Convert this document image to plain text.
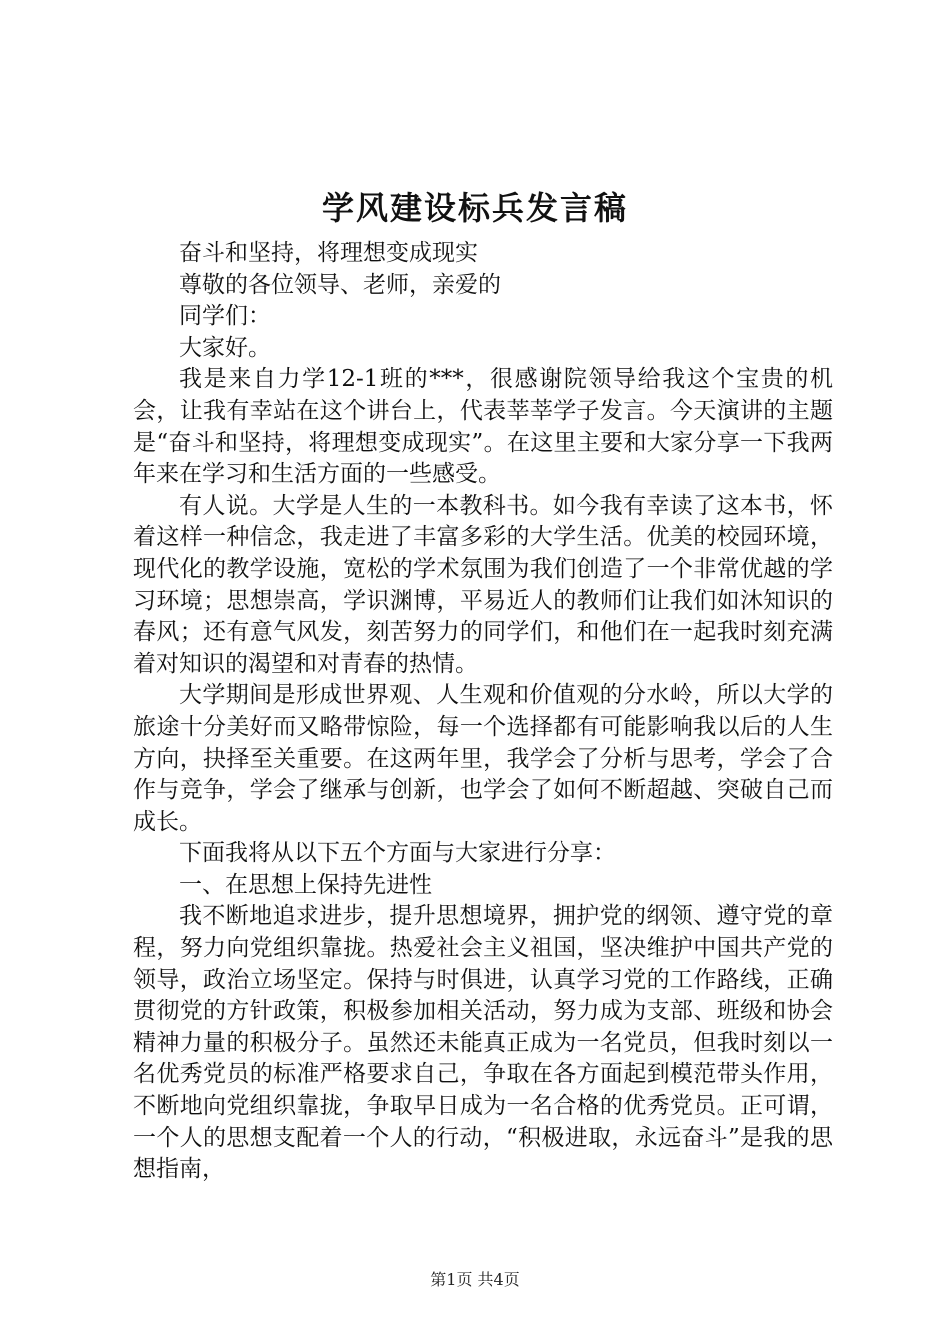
学风建设标兵发言稿

奋斗和坚持，将理想变成现实

尊敬的各位领导、老师，亲爱的

同学们：

大家好。

我是来自力学12-1班的***，很感谢院领导给我这个宝贵的机会，让我有幸站在这个讲台上，代表莘莘学子发言。今天演讲的主题是“奋斗和坚持，将理想变成现实”。在这里主要和大家分享一下我两年来在学习和生活方面的一些感受。

有人说。大学是人生的一本教科书。如今我有幸读了这本书，怀着这样一种信念，我走进了丰富多彩的大学生活。优美的校园环境，现代化的教学设施，宽松的学术氛围为我们创造了一个非常优越的学习环境；思想崇高，学识渊博，平易近人的教师们让我们如沐知识的春风；还有意气风发，刻苦努力的同学们，和他们在一起我时刻充满着对知识的渴望和对青春的热情。

大学期间是形成世界观、人生观和价值观的分水岭，所以大学的旅途十分美好而又略带惊险，每一个选择都有可能影响我以后的人生方向，抉择至关重要。在这两年里，我学会了分析与思考，学会了合作与竞争，学会了继承与创新，也学会了如何不断超越、突破自己而成长。

下面我将从以下五个方面与大家进行分享：

一、在思想上保持先进性

我不断地追求进步，提升思想境界，拥护党的纲领、遵守党的章程，努力向党组织靠拢。热爱社会主义祖国，坚决维护中国共产党的领导，政治立场坚定。保持与时俱进，认真学习党的工作路线，正确贯彻党的方针政策，积极参加相关活动，努力成为支部、班级和协会精神力量的积极分子。虽然还未能真正成为一名党员，但我时刻以一名优秀党员的标准严格要求自己，争取在各方面起到模范带头作用，不断地向党组织靠拢，争取早日成为一名合格的优秀党员。正可谓，一个人的思想支配着一个人的行动，“积极进取，永远奋斗”是我的思想指南，

第1页 共4页
